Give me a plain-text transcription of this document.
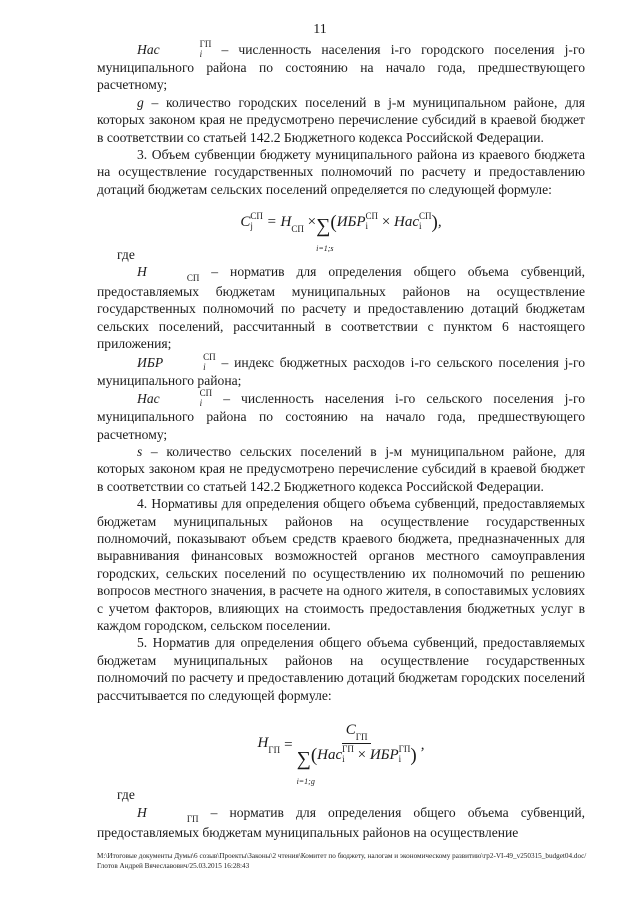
11

Нас	ГП
i	– численность населения i-го городского поселения j-го муниципального района по состоянию на начало года, предшествующего расчетному;

g – количество городских поселений в j-м муниципальном районе, для которых законом края не предусмотрено перечисление субсидий в краевой бюджет в соответствии со статьей 142.2 Бюджетного кодекса Российской Федерации.

3. Объем субвенции бюджету муниципального района из краевого бюджета на осуществление государственных полномочий по расчету и предоставлению дотаций бюджетам сельских поселений определяется по следующей формуле:

С СП
j = Н СП ×∑
i=1;s
(ИБР СП
i × Нас СП
i ),

где

Н	СП – норматив для определения общего объема субвенций, предоставляемых бюджетам муниципальных районов на осуществление государственных полномочий по расчету и предоставлению дотаций бюджетам сельских поселений, рассчитанный в соответствии с пунктом 6 настоящего приложения;

ИБР	СП
i	– индекс бюджетных расходов i-го сельского поселения j-го муниципального района;

Нас	СП
i	– численность населения i-го сельского поселения j-го муниципального района по состоянию на начало года, предшествующего расчетному;

s – количество сельских поселений в j-м муниципальном районе, для которых законом края не предусмотрено перечисление субсидий в краевой бюджет в соответствии со статьей 142.2 Бюджетного кодекса Российской Федерации.

4. Нормативы для определения общего объема субвенций, предоставляемых бюджетам муниципальных районов на осуществление государственных полномочий, показывают объем средств краевого бюджета, предназначенных для выравнивания финансовых возможностей органов местного самоуправления городских, сельских поселений по осуществлению их полномочий по решению вопросов местного значения, в расчете на одного жителя, в сопоставимых условиях с учетом факторов, влияющих на стоимость предоставления бюджетных услуг в каждом городском, сельском поселении.

5. Норматив для определения общего объема субвенций, предоставляемых бюджетам муниципальных районов на осуществление государственных полномочий по расчету и предоставлению дотаций бюджетам городских поселений рассчитывается по следующей формуле:

Н ГП = С ГП
∑
i=1;g
(Нас ГП
i × ИБР ГП
i ) ,

где

Н	ГП – норматив для определения общего объема субвенций, предоставляемых бюджетам муниципальных районов на осуществление

M:\Итоговые документы Думы\6 созыв\Проекты\Законы\2 чтения\Комитет по бюджету, налогам и экономическому развитию\гр2-VI-49_v250315_budget04.doc/Глотов Андрей Вячеславович/25.03.2015 16:28:43
